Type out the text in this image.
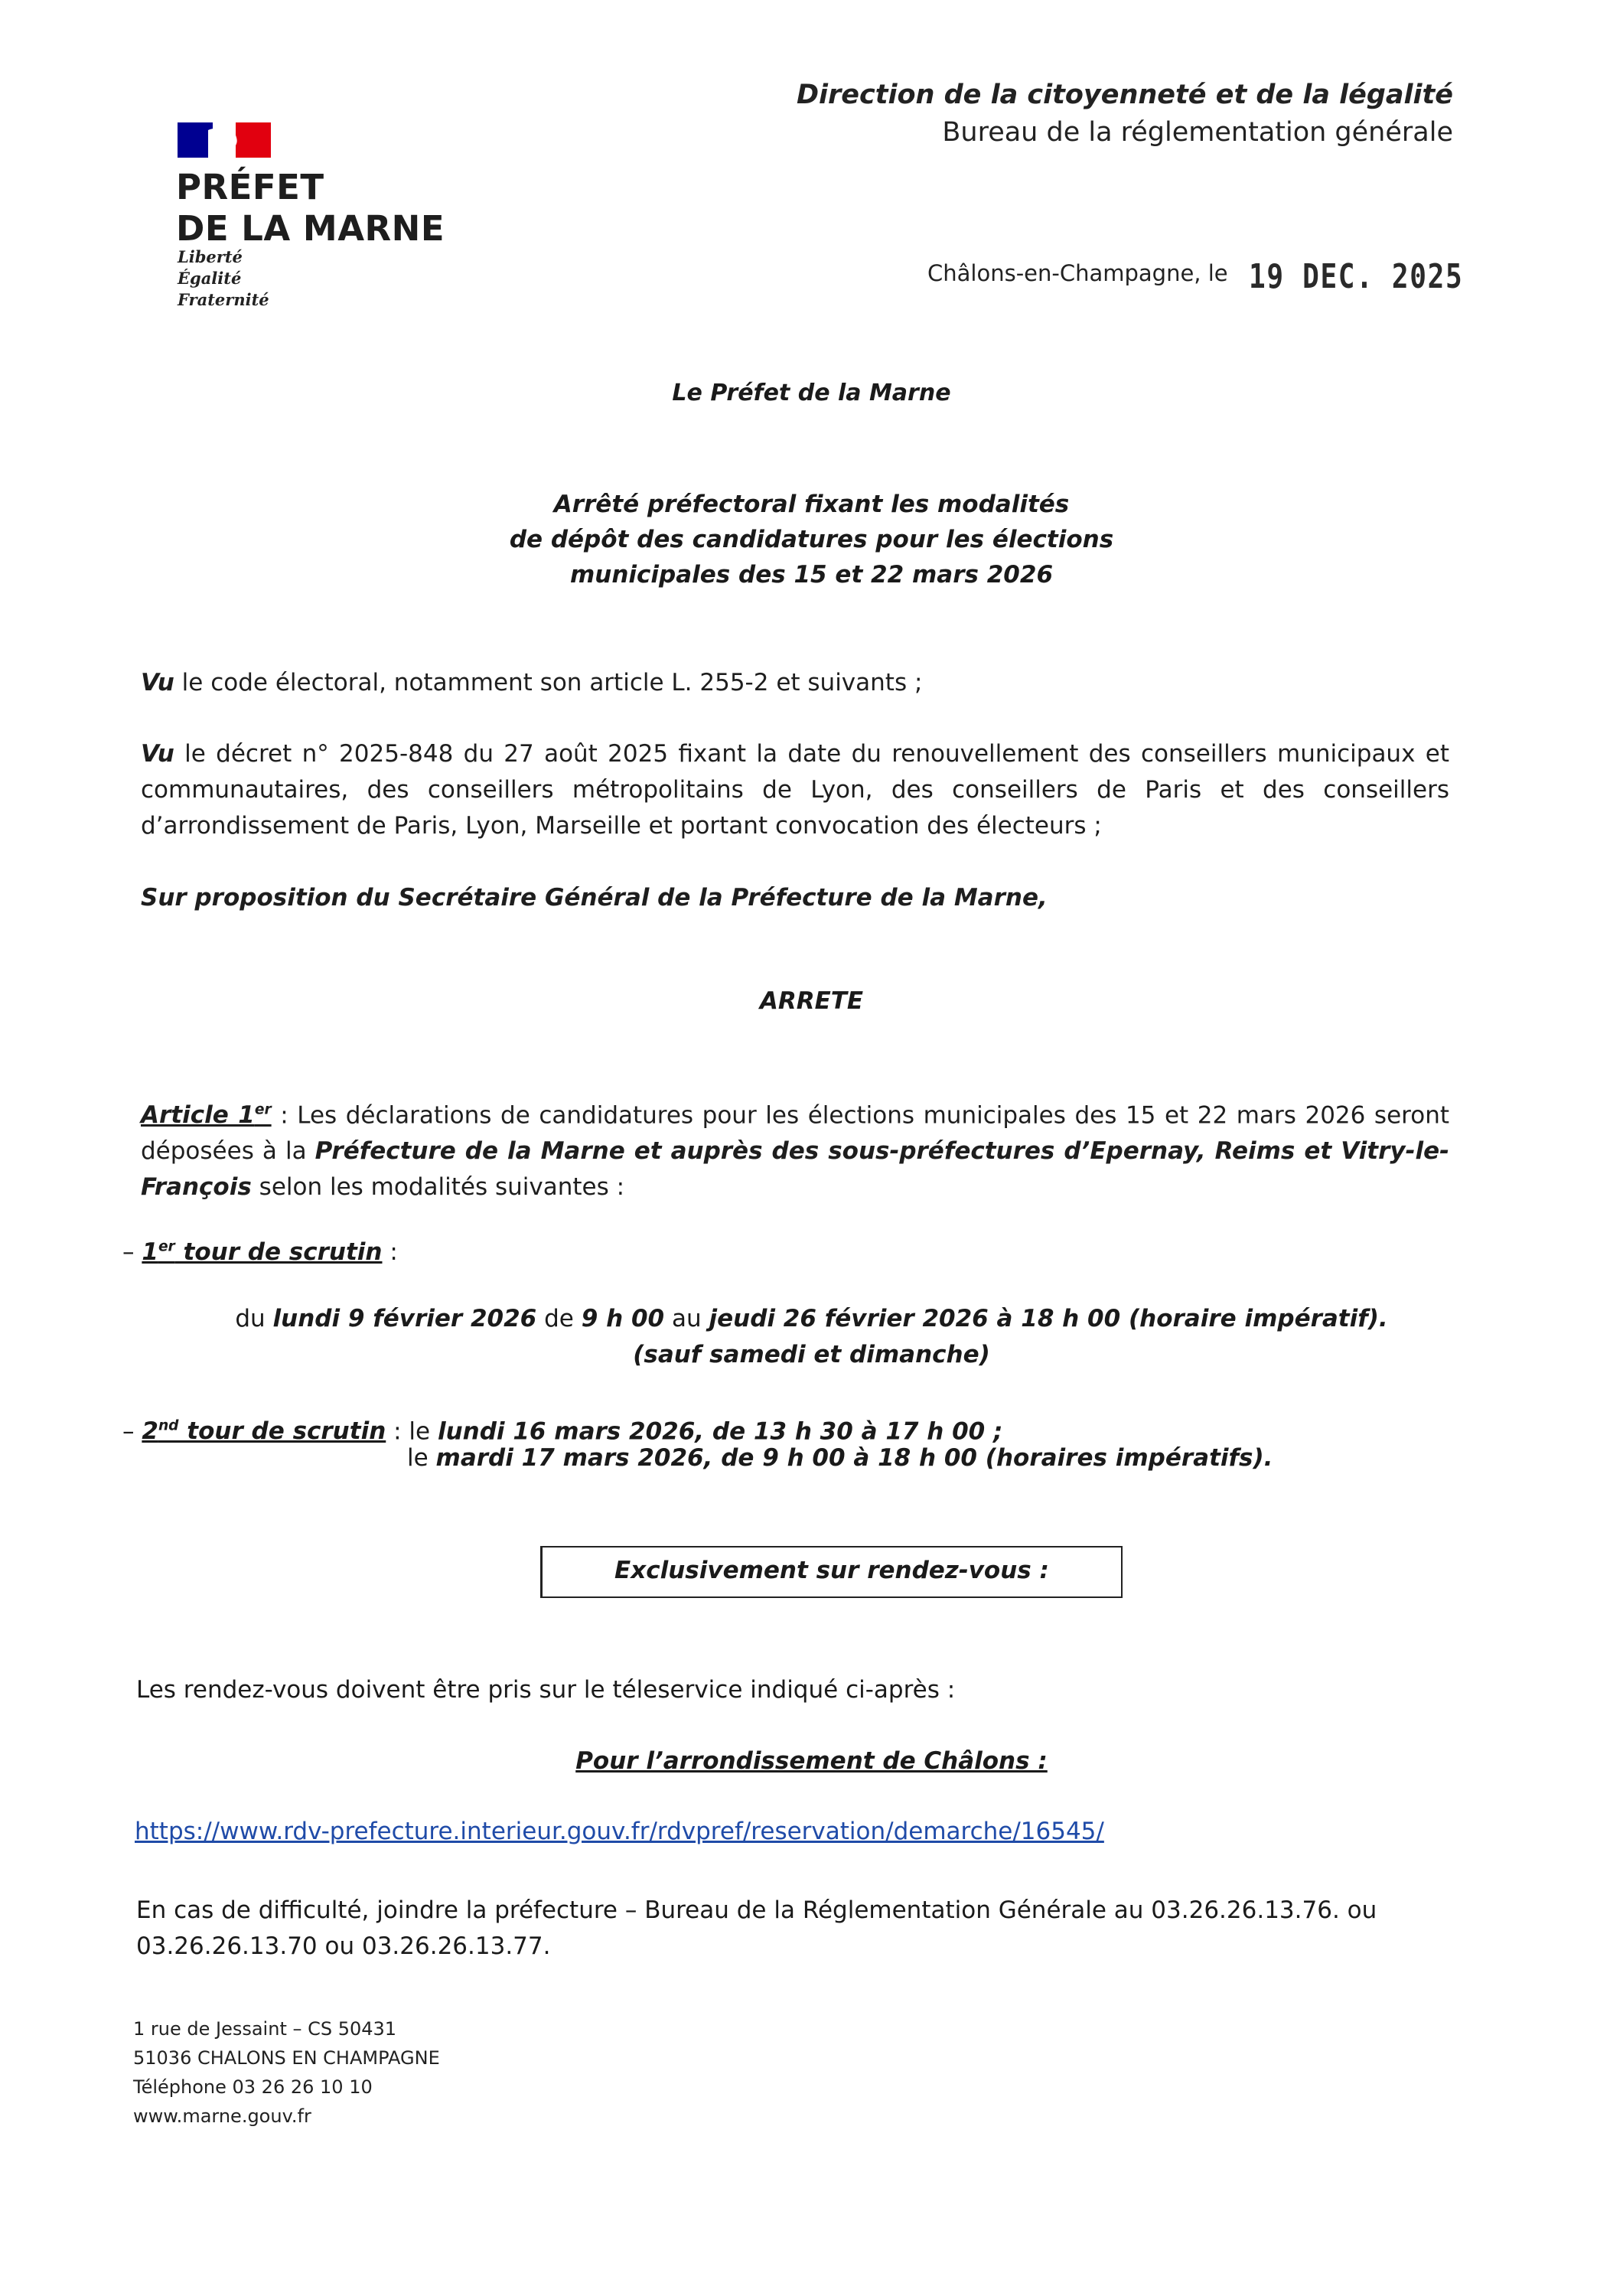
PRÉFET
DE LA MARNE
Liberté
Égalité
Fraternité
Direction de la citoyenneté et de la légalité
Bureau de la réglementation générale
Châlons-en-Champagne, le 19 DEC. 2025
Le Préfet de la Marne
Arrêté préfectoral fixant les modalités
de dépôt des candidatures pour les élections
municipales des 15 et 22 mars 2026
Vu le code électoral, notamment son article L. 255-2 et suivants ;
Vu le décret n° 2025-848 du 27 août 2025 fixant la date du renouvellement des conseillers municipaux et communautaires, des conseillers métropolitains de Lyon, des conseillers de Paris et des conseillers d’arrondissement de Paris, Lyon, Marseille et portant convocation des électeurs ;
Sur proposition du Secrétaire Général de la Préfecture de la Marne,
ARRETE
Article 1er : Les déclarations de candidatures pour les élections municipales des 15 et 22 mars 2026 seront déposées à la Préfecture de la Marne et auprès des sous-préfectures d’Epernay, Reims et Vitry-le-François selon les modalités suivantes :
– 1er tour de scrutin :
du lundi 9 février 2026 de 9 h 00 au jeudi 26 février 2026 à 18 h 00 (horaire impératif).
(sauf samedi et dimanche)
– 2nd tour de scrutin : le lundi 16 mars 2026, de 13 h 30 à 17 h 00 ;
le mardi 17 mars 2026, de 9 h 00 à 18 h 00 (horaires impératifs).
Exclusivement sur rendez-vous :
Les rendez-vous doivent être pris sur le téleservice indiqué ci-après :
Pour l’arrondissement de Châlons :
https://www.rdv-prefecture.interieur.gouv.fr/rdvpref/reservation/demarche/16545/
En cas de difficulté, joindre la préfecture – Bureau de la Réglementation Générale au 03.26.26.13.76. ou 03.26.26.13.70 ou 03.26.26.13.77.
1 rue de Jessaint – CS 50431
51036 CHALONS EN CHAMPAGNE
Téléphone 03 26 26 10 10
www.marne.gouv.fr
